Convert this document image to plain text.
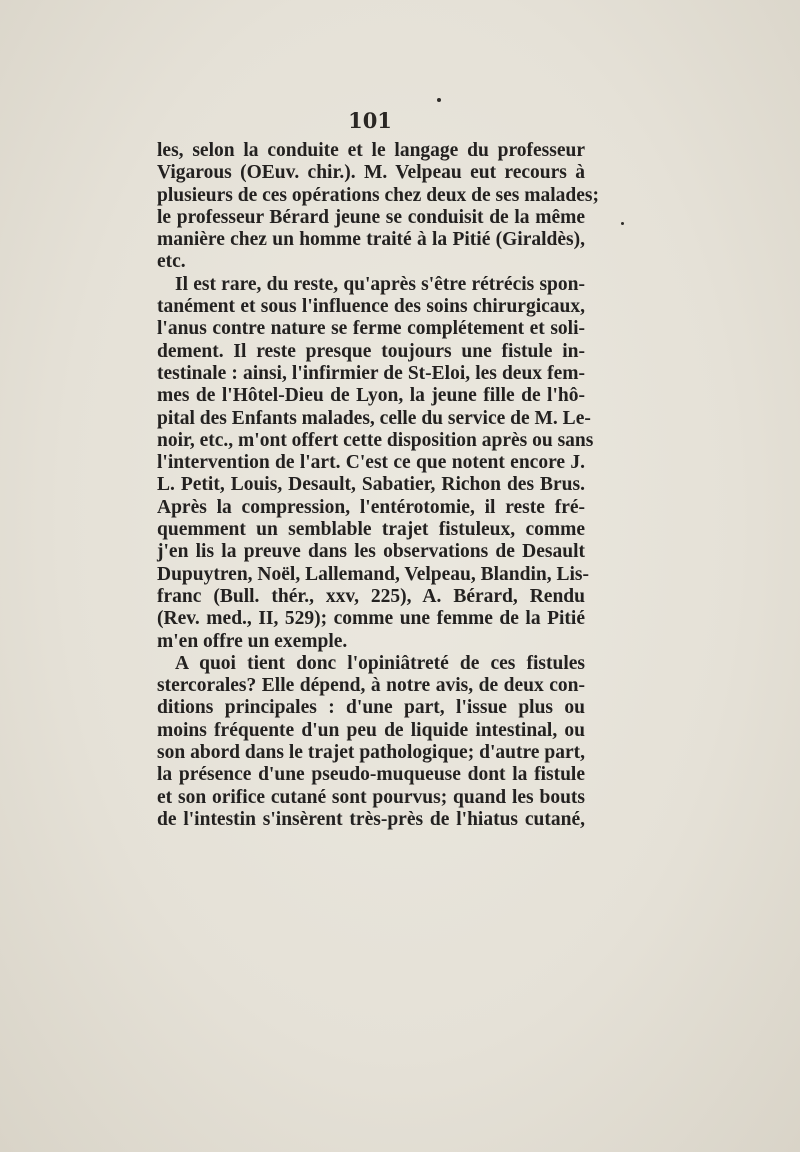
101
les, selon la conduite et le langage du professeur
Vigarous (OEuv. chir.). M. Velpeau eut recours à
plusieurs de ces opérations chez deux de ses malades;
le professeur Bérard jeune se conduisit de la même
manière chez un homme traité à la Pitié (Giraldès),
etc.
Il est rare, du reste, qu'après s'être rétrécis spon-
tanément et sous l'influence des soins chirurgicaux,
l'anus contre nature se ferme complétement et soli-
dement. Il reste presque toujours une fistule in-
testinale : ainsi, l'infirmier de St-Eloi, les deux fem-
mes de l'Hôtel-Dieu de Lyon, la jeune fille de l'hô-
pital des Enfants malades, celle du service de M. Le-
noir, etc., m'ont offert cette disposition après ou sans
l'intervention de l'art. C'est ce que notent encore J.
L. Petit, Louis, Desault, Sabatier, Richon des Brus.
Après la compression, l'entérotomie, il reste fré-
quemment un semblable trajet fistuleux, comme
j'en lis la preuve dans les observations de Desault
Dupuytren, Noël, Lallemand, Velpeau, Blandin, Lis-
franc (Bull. thér., xxv, 225), A. Bérard, Rendu
(Rev. med., II, 529); comme une femme de la Pitié
m'en offre un exemple.
A quoi tient donc l'opiniâtreté de ces fistules
stercorales? Elle dépend, à notre avis, de deux con-
ditions principales : d'une part, l'issue plus ou
moins fréquente d'un peu de liquide intestinal, ou
son abord dans le trajet pathologique; d'autre part,
la présence d'une pseudo-muqueuse dont la fistule
et son orifice cutané sont pourvus; quand les bouts
de l'intestin s'insèrent très-près de l'hiatus cutané,
